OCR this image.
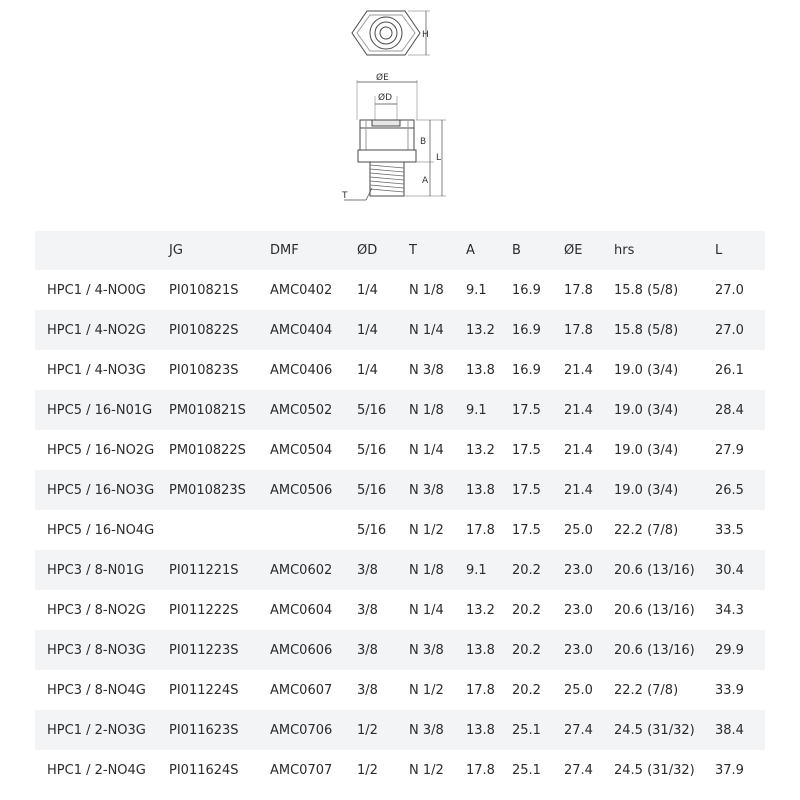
H
ØE
ØD
B
L
A
T
	JG	DMF	ØD	T	A	B	ØE	hrs	L
HPC1 / 4-NO0G	PI010821S	AMC0402	1/4	N 1/8	9.1	16.9	17.8	15.8 (5/8)	27.0
HPC1 / 4-NO2G	PI010822S	AMC0404	1/4	N 1/4	13.2	16.9	17.8	15.8 (5/8)	27.0
HPC1 / 4-NO3G	PI010823S	AMC0406	1/4	N 3/8	13.8	16.9	21.4	19.0 (3/4)	26.1
HPC5 / 16-N01G	PM010821S	AMC0502	5/16	N 1/8	9.1	17.5	21.4	19.0 (3/4)	28.4
HPC5 / 16-NO2G	PM010822S	AMC0504	5/16	N 1/4	13.2	17.5	21.4	19.0 (3/4)	27.9
HPC5 / 16-NO3G	PM010823S	AMC0506	5/16	N 3/8	13.8	17.5	21.4	19.0 (3/4)	26.5
HPC5 / 16-NO4G			5/16	N 1/2	17.8	17.5	25.0	22.2 (7/8)	33.5
HPC3 / 8-N01G	PI011221S	AMC0602	3/8	N 1/8	9.1	20.2	23.0	20.6 (13/16)	30.4
HPC3 / 8-NO2G	PI011222S	AMC0604	3/8	N 1/4	13.2	20.2	23.0	20.6 (13/16)	34.3
HPC3 / 8-NO3G	PI011223S	AMC0606	3/8	N 3/8	13.8	20.2	23.0	20.6 (13/16)	29.9
HPC3 / 8-NO4G	PI011224S	AMC0607	3/8	N 1/2	17.8	20.2	25.0	22.2 (7/8)	33.9
HPC1 / 2-NO3G	PI011623S	AMC0706	1/2	N 3/8	13.8	25.1	27.4	24.5 (31/32)	38.4
HPC1 / 2-NO4G	PI011624S	AMC0707	1/2	N 1/2	17.8	25.1	27.4	24.5 (31/32)	37.9
